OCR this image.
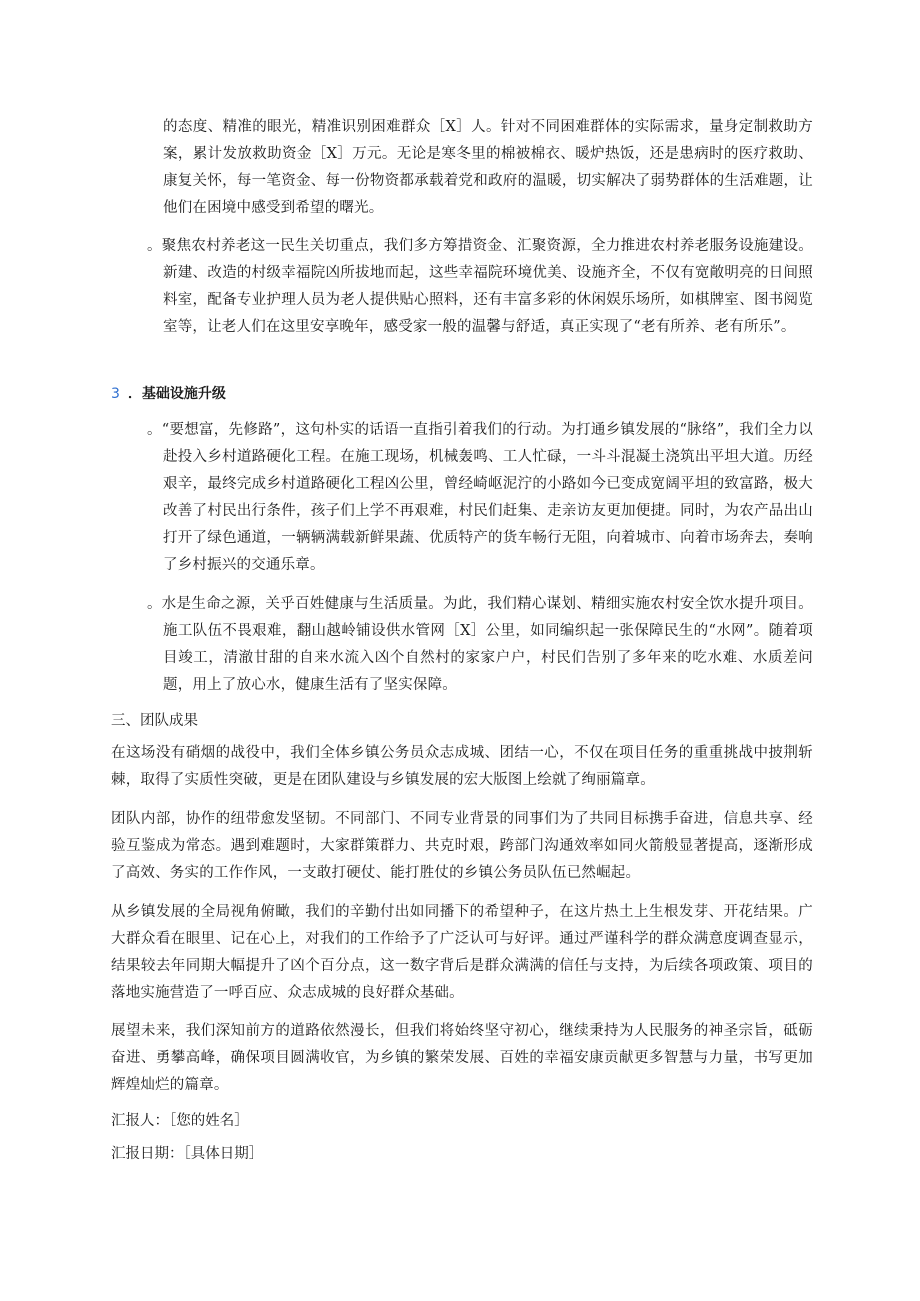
的态度、精准的眼光，精准识别困难群众［X］人。针对不同困难群体的实际需求，量身定制救助方案，累计发放救助资金［X］万元。无论是寒冬里的棉被棉衣、暖炉热饭，还是患病时的医疗救助、康复关怀，每一笔资金、每一份物资都承载着党和政府的温暖，切实解决了弱势群体的生活难题，让他们在困境中感受到希望的曙光。

。聚焦农村养老这一民生关切重点，我们多方筹措资金、汇聚资源，全力推进农村养老服务设施建设。新建、改造的村级幸福院凶所拔地而起，这些幸福院环境优美、设施齐全，不仅有宽敞明亮的日间照料室，配备专业护理人员为老人提供贴心照料，还有丰富多彩的休闲娱乐场所，如棋牌室、图书阅览室等，让老人们在这里安享晚年，感受家一般的温馨与舒适，真正实现了“老有所养、老有所乐”。

3 ．基础设施升级

。“要想富，先修路”，这句朴实的话语一直指引着我们的行动。为打通乡镇发展的“脉络”，我们全力以赴投入乡村道路硬化工程。在施工现场，机械轰鸣、工人忙碌，一斗斗混凝土浇筑出平坦大道。历经艰辛，最终完成乡村道路硬化工程凶公里，曾经崎岖泥泞的小路如今已变成宽阔平坦的致富路，极大改善了村民出行条件，孩子们上学不再艰难，村民们赶集、走亲访友更加便捷。同时，为农产品出山打开了绿色通道，一辆辆满载新鲜果蔬、优质特产的货车畅行无阻，向着城市、向着市场奔去，奏响了乡村振兴的交通乐章。

。水是生命之源，关乎百姓健康与生活质量。为此，我们精心谋划、精细实施农村安全饮水提升项目。施工队伍不畏艰难，翻山越岭铺设供水管网［X］公里，如同编织起一张保障民生的“水网”。随着项目竣工，清澈甘甜的自来水流入凶个自然村的家家户户，村民们告别了多年来的吃水难、水质差问题，用上了放心水，健康生活有了坚实保障。

三、团队成果

在这场没有硝烟的战役中，我们全体乡镇公务员众志成城、团结一心，不仅在项目任务的重重挑战中披荆斩棘，取得了实质性突破，更是在团队建设与乡镇发展的宏大版图上绘就了绚丽篇章。

团队内部，协作的纽带愈发坚韧。不同部门、不同专业背景的同事们为了共同目标携手奋进，信息共享、经验互鉴成为常态。遇到难题时，大家群策群力、共克时艰，跨部门沟通效率如同火箭般显著提高，逐渐形成了高效、务实的工作作风，一支敢打硬仗、能打胜仗的乡镇公务员队伍已然崛起。

从乡镇发展的全局视角俯瞰，我们的辛勤付出如同播下的希望种子，在这片热土上生根发芽、开花结果。广大群众看在眼里、记在心上，对我们的工作给予了广泛认可与好评。通过严谨科学的群众满意度调查显示，结果较去年同期大幅提升了凶个百分点，这一数字背后是群众满满的信任与支持，为后续各项政策、项目的落地实施营造了一呼百应、众志成城的良好群众基础。

展望未来，我们深知前方的道路依然漫长，但我们将始终坚守初心，继续秉持为人民服务的神圣宗旨，砥砺奋进、勇攀高峰，确保项目圆满收官，为乡镇的繁荣发展、百姓的幸福安康贡献更多智慧与力量，书写更加辉煌灿烂的篇章。

汇报人：［您的姓名］

汇报日期：［具体日期］
